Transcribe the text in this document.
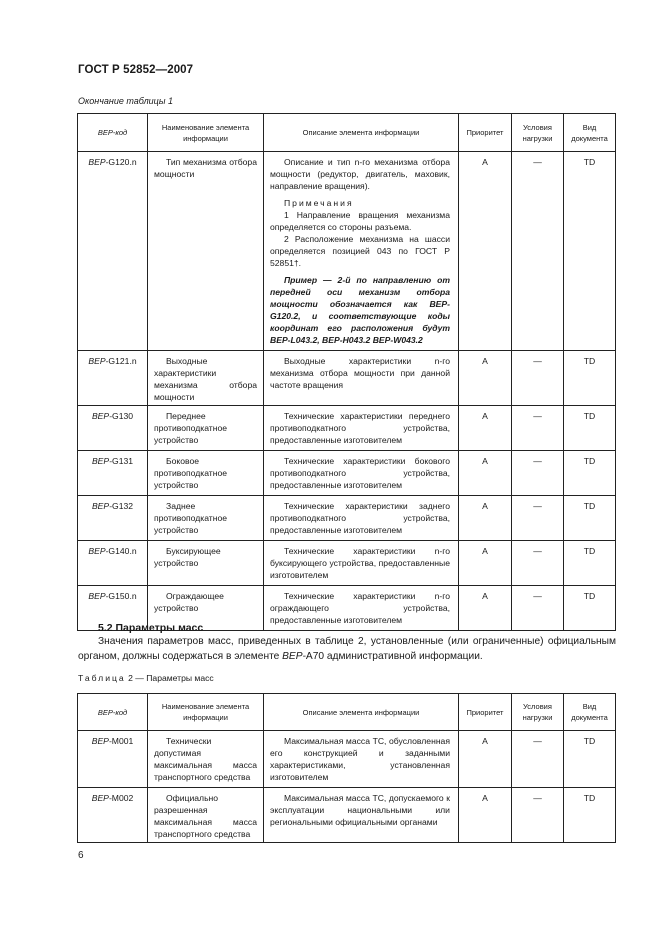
ГОСТ Р 52852—2007
Окончание таблицы 1
ВЕР-код	Наименование элемента информации	Описание элемента информации	Приоритет	Условия нагрузки	Вид документа
ВЕР-G120.n	Тип механизма отбора мощности	Описание и тип n-го механизма отбора мощности (редуктор, двигатель, маховик, направление вращения).

Примечания

1 Направление вращения механизма определяется со стороны разъема.

2 Расположение механизма на шасси определяется позицией 043 по ГОСТ Р 52851†.

Пример — 2-й по направлению от передней оси механизм отбора мощности обозначается как ВЕР-G120.2, и соответствующие коды координат его расположения будут ВЕР-L043.2, ВЕР-Н043.2 ВЕР-W043.2	A	—	TD
ВЕР-G121.n	Выходные характеристики механизма отбора мощности	Выходные характеристики n-го механизма отбора мощности при данной частоте вращения	A	—	TD
ВЕР-G130	Переднее противоподкатное устройство	Технические характеристики переднего противоподкатного устройства, предоставленные изготовителем	A	—	TD
ВЕР-G131	Боковое противоподкатное устройство	Технические характеристики бокового противоподкатного устройства, предоставленные изготовителем	A	—	TD
ВЕР-G132	Заднее противоподкатное устройство	Технические характеристики заднего противоподкатного устройства, предоставленные изготовителем	A	—	TD
ВЕР-G140.n	Буксирующее устройство	Технические характеристики n-го буксирующего устройства, предоставленные изготовителем	A	—	TD
ВЕР-G150.n	Ограждающее устройство	Технические характеристики n-го ограждающего устройства, предоставленные изготовителем	A	—	TD
5.2 Параметры масс
Значения параметров масс, приведенных в таблице 2, установленные (или ограниченные) официальным органом, должны содержаться в элементе ВЕР-А70 административной информации.
Таблица 2 — Параметры масс
ВЕР-код	Наименование элемента информации	Описание элемента информации	Приоритет	Условия нагрузки	Вид документа
ВЕР-М001	Технически допустимая максимальная масса транспортного средства	Максимальная масса ТС, обусловленная его конструкцией и заданными характеристиками, установленная изготовителем	A	—	TD
ВЕР-М002	Официально разрешенная максимальная масса транспортного средства	Максимальная масса ТС, допускаемого к эксплуатации национальными или региональными официальными органами	A	—	TD
6
